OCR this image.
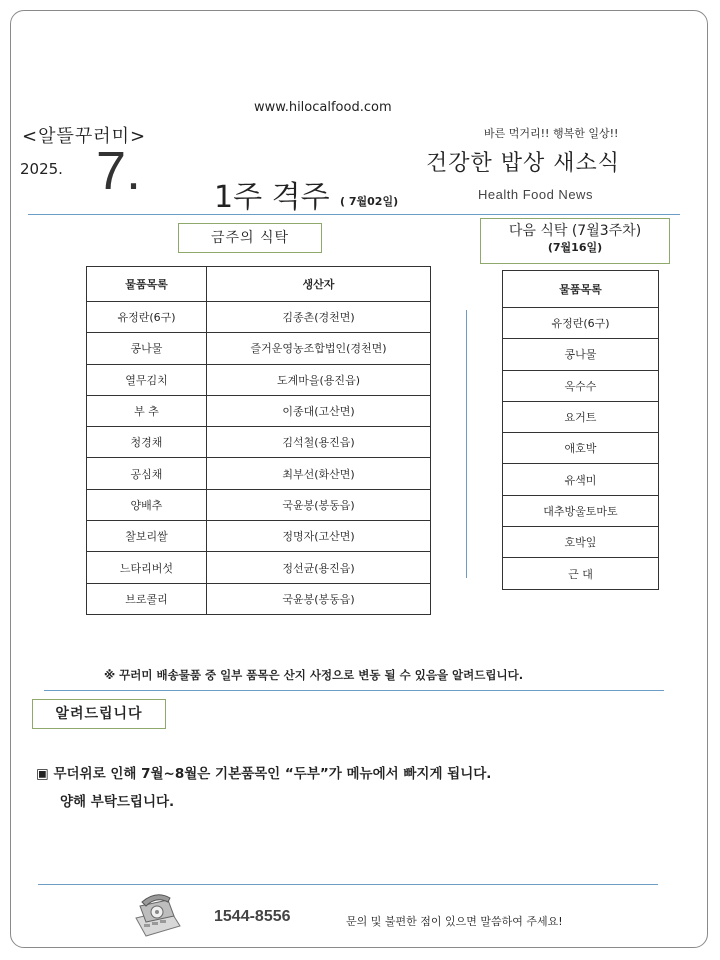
www.hilocalfood.com
<알뜰꾸러미>
2025. 7. 1주 격주 ( 7월02일)
바른 먹거리!! 행복한 일상!!
건강한 밥상 새소식
Health Food News
금주의 식탁	다음 식탁 (7월3주차)
(7월16일)
물품목록	생산자
유정란(6구)	김종촌(경천면)
콩나물	즐거운영농조합법인(경천면)
열무김치	도계마을(용진읍)
부 추	이종대(고산면)
청경채	김석철(용진읍)
공심채	최부선(화산면)
양배추	국윤봉(봉동읍)
찰보리쌀	정명자(고산면)
느타리버섯	정선균(용진읍)
브로콜리	국윤봉(봉동읍)
물품목록
유정란(6구)
콩나물
옥수수
요거트
애호박
유색미
대추방울토마토
호박잎
근 대
※ 꾸러미 배송물품 중 일부 품목은 산지 사정으로 변동 될 수 있음을 알려드립니다.
알려드립니다
▣ 무더위로 인해 7월~8월은 기본품목인 “두부”가 메뉴에서 빠지게 됩니다.
양해 부탁드립니다.
1544-8556	문의 및 불편한 점이 있으면 말씀하여 주세요!
